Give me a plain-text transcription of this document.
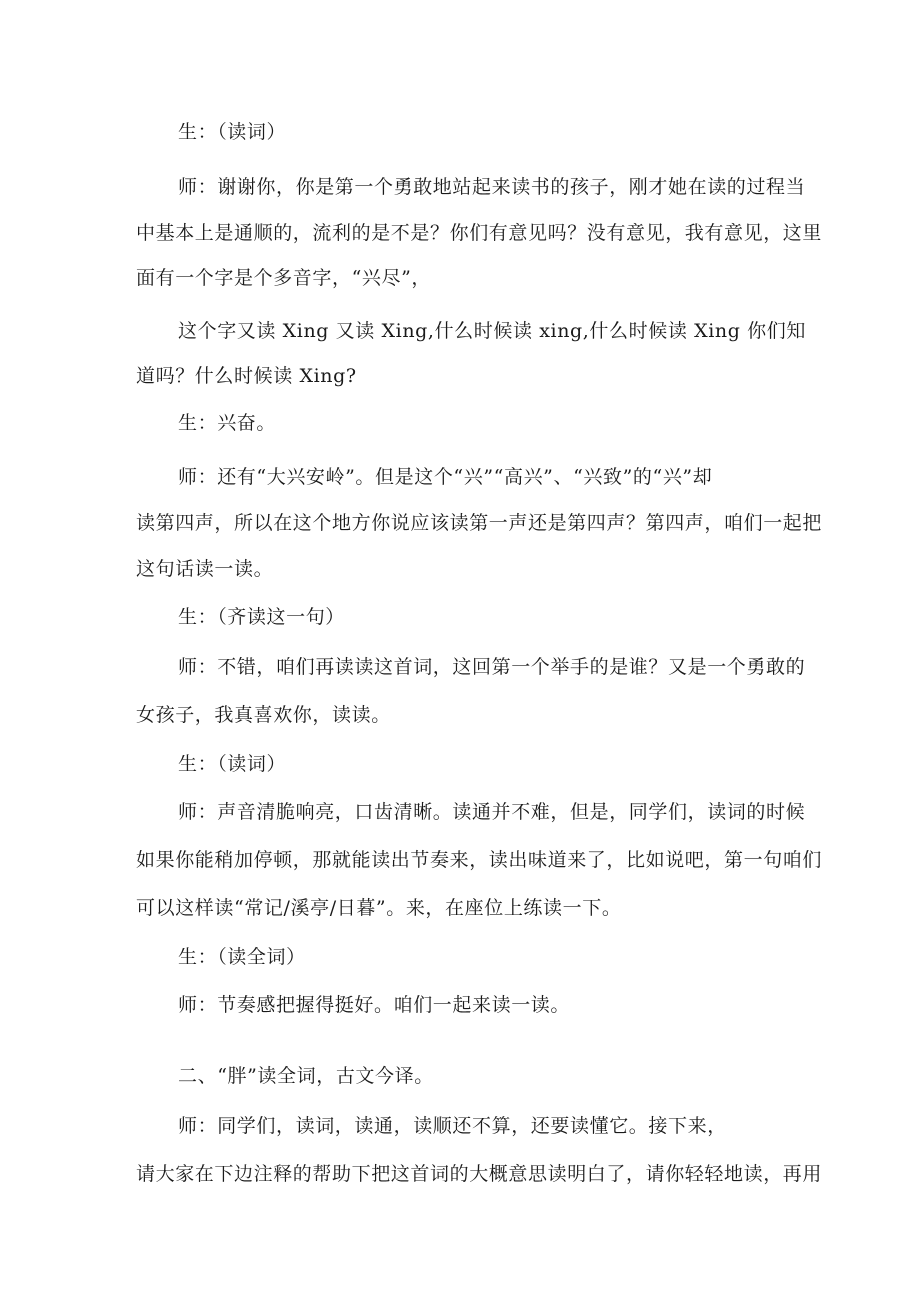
生：（读词）

师：谢谢你，你是第一个勇敢地站起来读书的孩子，刚才她在读的过程当

中基本上是通顺的，流利的是不是？你们有意见吗？没有意见，我有意见，这里

面有一个字是个多音字，“兴尽”，

这个字又读 Xing 又读 Xing,什么时候读 xing,什么时候读 Xing 你们知

道吗？什么时候读 Xing?

生：兴奋。

师：还有“大兴安岭”。但是这个“兴”“高兴”、“兴致”的“兴”却

读第四声，所以在这个地方你说应该读第一声还是第四声？第四声，咱们一起把

这句话读一读。

生：（齐读这一句）

师：不错，咱们再读读这首词，这回第一个举手的是谁？又是一个勇敢的

女孩子，我真喜欢你，读读。

生：（读词）

师：声音清脆响亮，口齿清晰。读通并不难，但是，同学们，读词的时候

如果你能稍加停顿，那就能读出节奏来，读出味道来了，比如说吧，第一句咱们

可以这样读“常记/溪亭/日暮”。来，在座位上练读一下。

生：（读全词）

师：节奏感把握得挺好。咱们一起来读一读。

二、“胖”读全词，古文今译。

师：同学们，读词，读通，读顺还不算，还要读懂它。接下来，

请大家在下边注释的帮助下把这首词的大概意思读明白了，请你轻轻地读，再用
